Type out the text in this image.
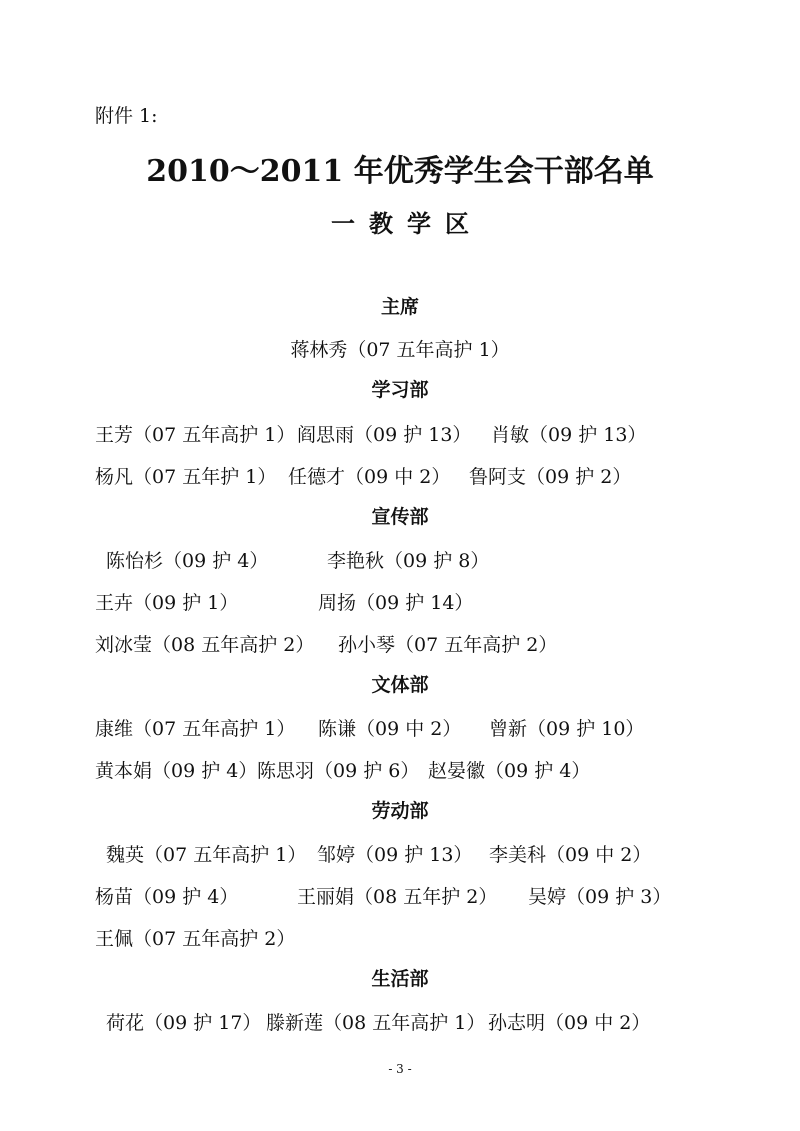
附件 1:
2010～2011 年优秀学生会干部名单
一教学区
主席
蒋林秀（07 五年高护 1）
学习部
王芳（07 五年高护 1） 阎思雨（09 护 13） 肖敏（09 护 13）
杨凡（07 五年护 1） 任德才（09 中 2） 鲁阿支（09 护 2）
宣传部
陈怡杉（09 护 4）	李艳秋（09 护 8）
王卉（09 护 1）	周扬（09 护 14）
刘冰莹（08 五年高护 2） 孙小琴（07 五年高护 2）
文体部
康维（07 五年高护 1） 陈谦（09 中 2） 曾新（09 护 10）
黄本娟（09 护 4） 陈思羽（09 护 6） 赵晏徽（09 护 4）
劳动部
魏英（07 五年高护 1） 邹婷（09 护 13） 李美科（09 中 2）
杨苗（09 护 4）	王丽娟（08 五年护 2） 吴婷（09 护 3）
王佩（07 五年高护 2）
生活部
荷花（09 护 17） 滕新莲（08 五年高护 1） 孙志明（09 中 2）
- 3 -
